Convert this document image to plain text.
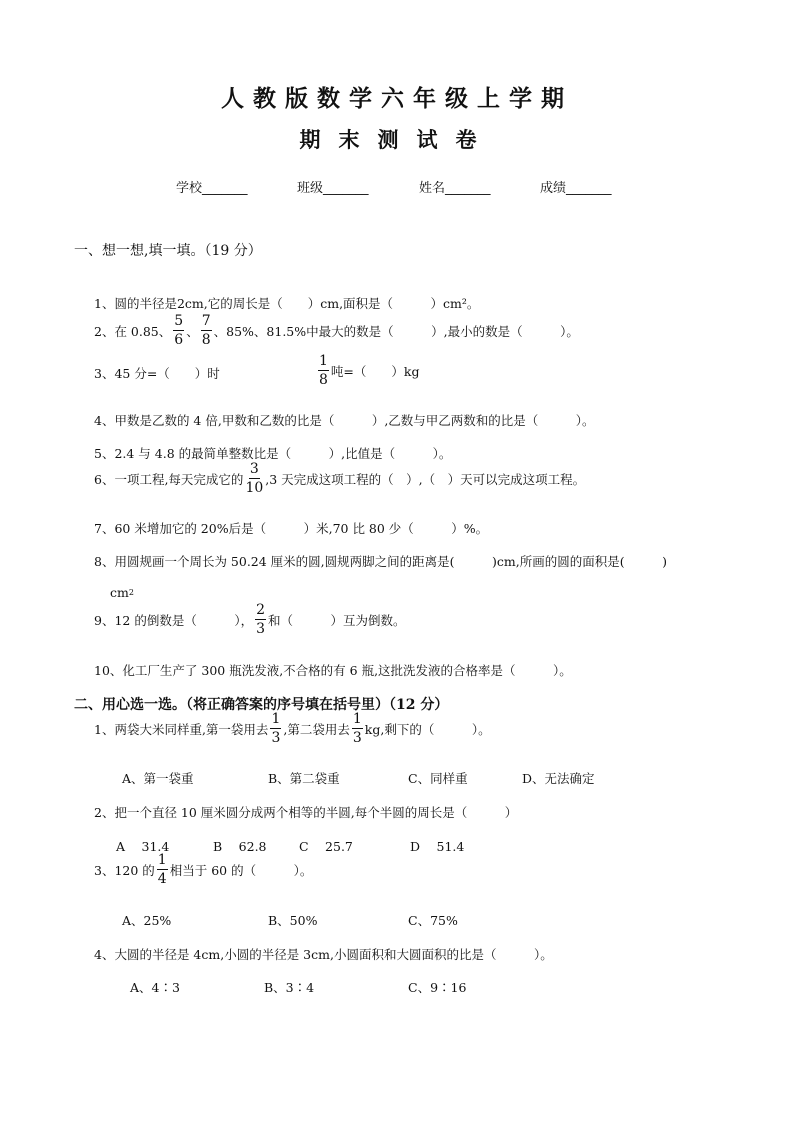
人教版数学六年级上学期
期末测试卷
学校_______	班级_______	姓名_______	成绩_______
一、想一想,填一填。（19 分）
1、圆的半径是2cm,它的周长是（　　）cm,面积是（　　　）cm²。
2、在 0.85、 $\frac{5}{6}$ 、 $\frac{7}{8}$ 、85%、81.5%中最大的数是（　　　）,最小的数是（　　　）。
3、45 分=（　　）时	$\frac{1}{8}$ 吨=（　　）kg
4、甲数是乙数的 4 倍,甲数和乙数的比是（　　　）,乙数与甲乙两数和的比是（　　　）。
5、2.4 与 4.8 的最简单整数比是（　　　）,比值是（　　　）。
6、一项工程,每天完成它的 $\frac{3}{10} ,3$ 天完成这项工程的（　）,（　）天可以完成这项工程。
7、60 米增加它的 20%后是（　　　）米,70 比 80 少（　　　）%。
8、用圆规画一个周长为 50.24 厘米的圆,圆规两脚之间的距离是(　　　)cm,所画的圆的面积是(　　　)
cm 2
9、12 的倒数是（　　　）， $\frac{2}{3}$ 和（　　　）互为倒数。
10、化工厂生产了 300 瓶洗发液,不合格的有 6 瓶,这批洗发液的合格率是（　　　）。
二、用心选一选。（将正确答案的序号填在括号里）（12 分）
1、两袋大米同样重,第一袋用去 $\frac{1}{3}$ ,第二袋用去 $\frac{1}{3}$ kg,剩下的（　　　）。
A、第一袋重	B、第二袋重	C、同样重	D、无法确定
2、把一个直径 10 厘米圆分成两个相等的半圆,每个半圆的周长是（　　　）
A　 31.4	B　 62.8	C　 25.7	D　 51.4
3、120 的 $\frac{1}{4}$ 相当于 60 的（　　　）。
A、25%	B、50%	C、75%
4、大圆的半径是 4cm,小圆的半径是 3cm,小圆面积和大圆面积的比是（　　　）。
A、4∶3	B、3∶4	C、9∶16
